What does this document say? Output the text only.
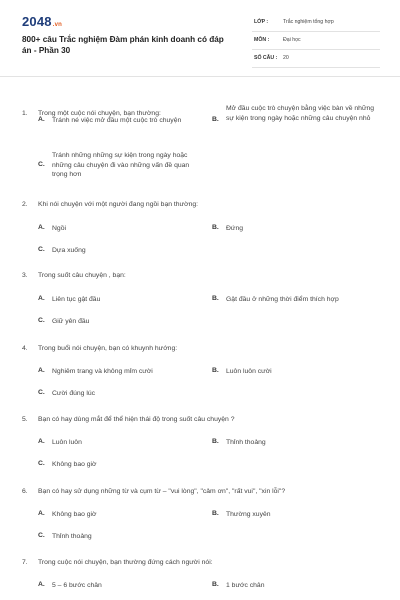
2048.vn
800+ câu Trắc nghiệm Đàm phán kinh doanh có đáp án - Phần 30
LỚP :	Trắc nghiệm tổng hợp
MÔN :	Đại học
SỐ CÂU : 20
1. Trong một cuộc nói chuyện, bạn thường:
A. Tránh né việc mở đầu một cuộc trò chuyện	B.
Mở đầu cuộc trò chuyện bằng việc bàn về những sự kiện trong ngày hoặc những câu chuyện nhỏ
C.
Tránh những những sự kiện trong ngày hoặc những câu chuyện đi vào những vấn đề quan trọng hơn
2. Khi nói chuyện với một người đang ngồi bạn thường:
A. Ngồi	B. Đứng
C. Dựa xuống
3. Trong suốt câu chuyện , bạn:
A. Liên tục gật đầu	B. Gật đầu ở những thời điểm thích hợp
C. Giữ yên đầu
4. Trong buổi nói chuyện, bạn có khuynh hướng:
A. Nghiêm trang và không mỉm cười	B. Luôn luôn cười
C. Cười đúng lúc
5. Bạn có hay dùng mắt để thể hiện thái độ trong suốt câu chuyện ?
A. Luôn luôn	B. Thỉnh thoảng
C. Không bao giờ
6. Bạn có hay sử dụng những từ và cụm từ – "vui lòng", "cảm ơn", "rất vui", "xin lỗi"?
A. Không bao giờ	B. Thường xuyên
C. Thỉnh thoảng
7. Trong cuộc nói chuyện, bạn thường đứng cách người nói:
A. 5 – 6 bước chân	B. 1 bước chân
